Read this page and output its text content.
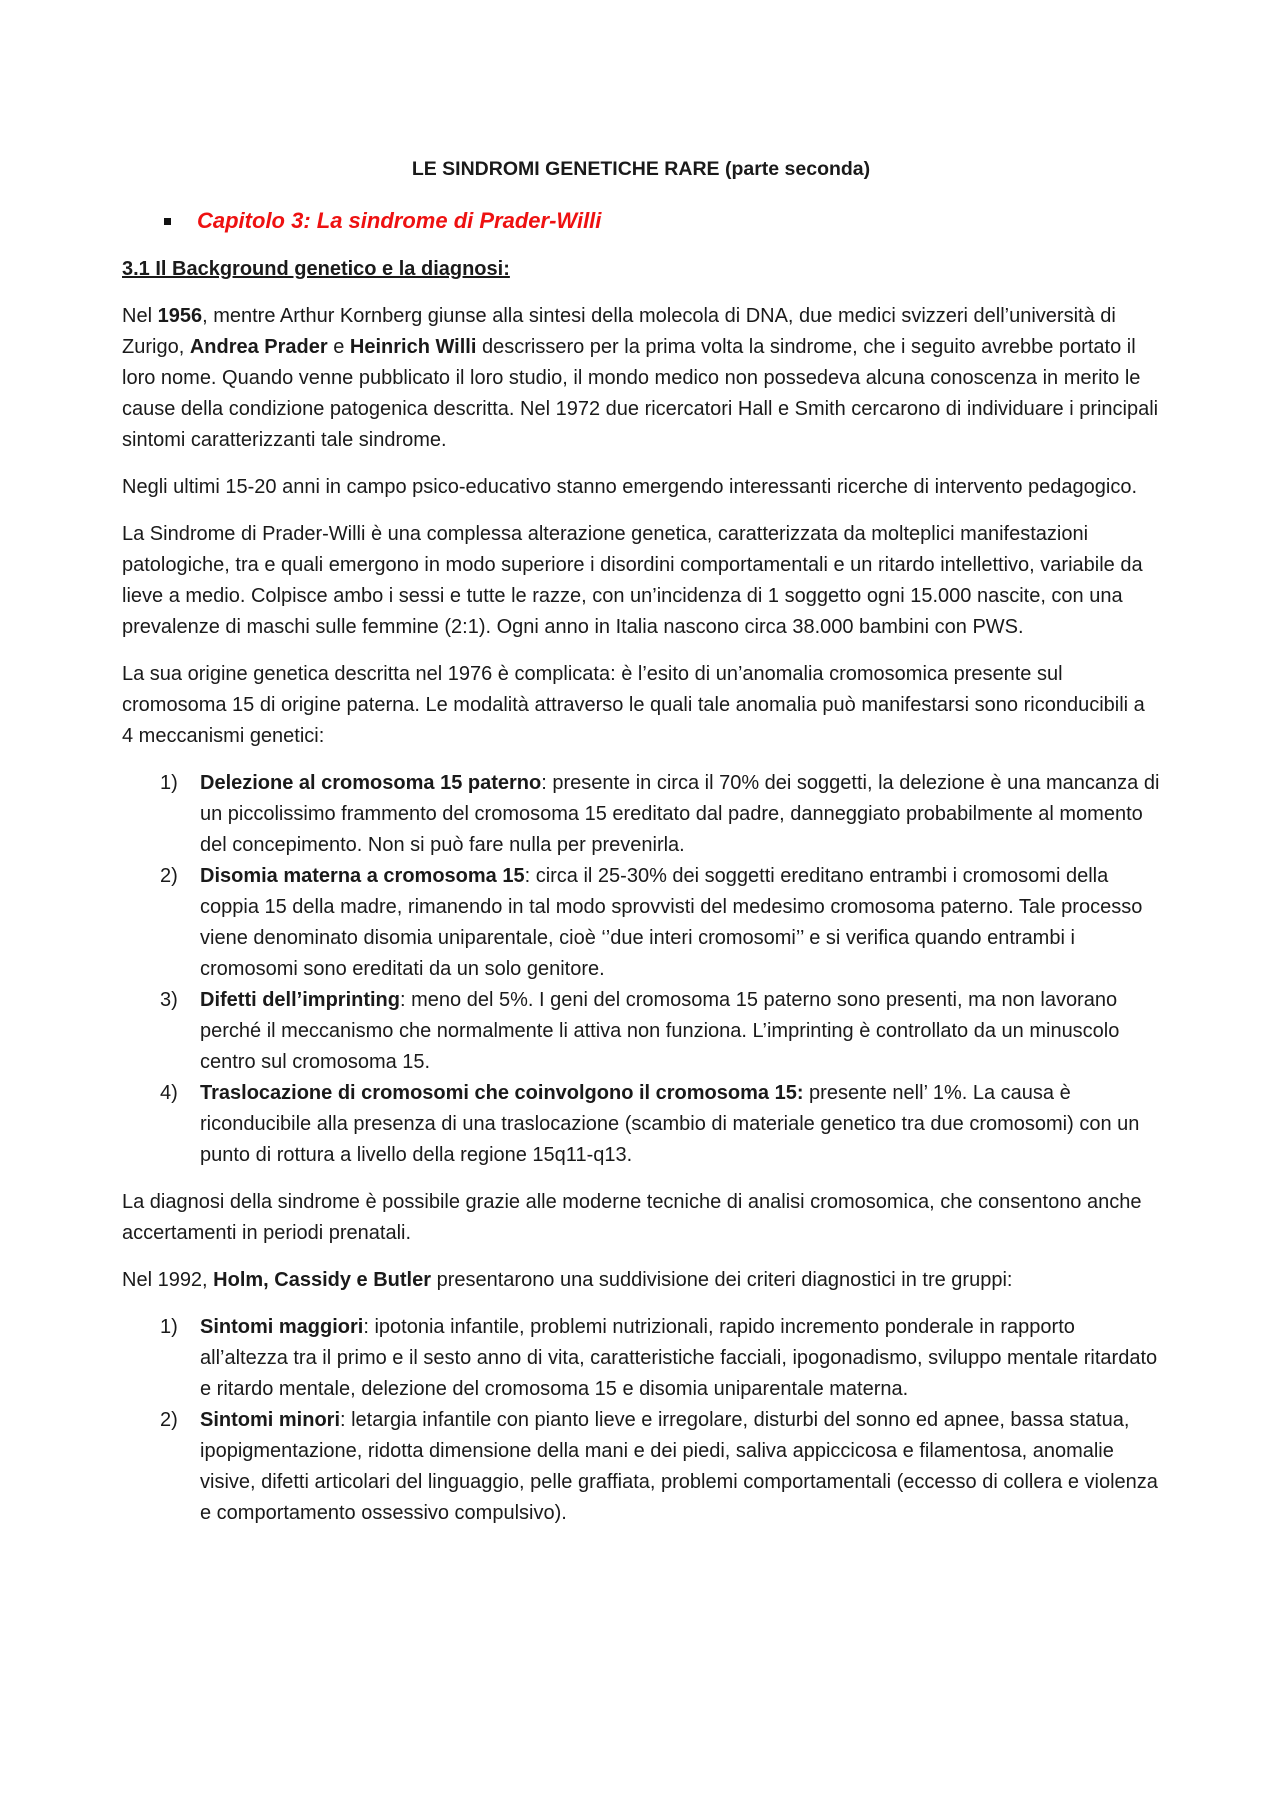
LE SINDROMI GENETICHE RARE (parte seconda)
Capitolo 3: La sindrome di Prader-Willi
3.1 Il Background genetico e la diagnosi:

Nel 1956, mentre Arthur Kornberg giunse alla sintesi della molecola di DNA, due medici svizzeri dell’università di Zurigo, Andrea Prader e Heinrich Willi descrissero per la prima volta la sindrome, che i seguito avrebbe portato il loro nome. Quando venne pubblicato il loro studio, il mondo medico non possedeva alcuna conoscenza in merito le cause della condizione patogenica descritta. Nel 1972 due ricercatori Hall e Smith cercarono di individuare i principali sintomi caratterizzanti tale sindrome.

Negli ultimi 15-20 anni in campo psico-educativo stanno emergendo interessanti ricerche di intervento pedagogico.

La Sindrome di Prader-Willi è una complessa alterazione genetica, caratterizzata da molteplici manifestazioni patologiche, tra e quali emergono in modo superiore i disordini comportamentali e un ritardo intellettivo, variabile da lieve a medio. Colpisce ambo i sessi e tutte le razze, con un’incidenza di 1 soggetto ogni 15.000 nascite, con una prevalenze di maschi sulle femmine (2:1). Ogni anno in Italia nascono circa 38.000 bambini con PWS.

La sua origine genetica descritta nel 1976 è complicata: è l’esito di un’anomalia cromosomica presente sul cromosoma 15 di origine paterna. Le modalità attraverso le quali tale anomalia può manifestarsi sono riconducibili a 4 meccanismi genetici:

1) Delezione al cromosoma 15 paterno: presente in circa il 70% dei soggetti, la delezione è una mancanza di un piccolissimo frammento del cromosoma 15 ereditato dal padre, danneggiato probabilmente al momento del concepimento. Non si può fare nulla per prevenirla.
2) Disomia materna a cromosoma 15: circa il 25-30% dei soggetti ereditano entrambi i cromosomi della coppia 15 della madre, rimanendo in tal modo sprovvisti del medesimo cromosoma paterno. Tale processo viene denominato disomia uniparentale, cioè ‘’due interi cromosomi’’ e si verifica quando entrambi i cromosomi sono ereditati da un solo genitore.
3) Difetti dell’imprinting: meno del 5%. I geni del cromosoma 15 paterno sono presenti, ma non lavorano perché il meccanismo che normalmente li attiva non funziona. L’imprinting è controllato da un minuscolo centro sul cromosoma 15.
4) Traslocazione di cromosomi che coinvolgono il cromosoma 15: presente nell’ 1%. La causa è riconducibile alla presenza di una traslocazione (scambio di materiale genetico tra due cromosomi) con un punto di rottura a livello della regione 15q11-q13.

La diagnosi della sindrome è possibile grazie alle moderne tecniche di analisi cromosomica, che consentono anche accertamenti in periodi prenatali.

Nel 1992, Holm, Cassidy e Butler presentarono una suddivisione dei criteri diagnostici in tre gruppi:

1) Sintomi maggiori: ipotonia infantile, problemi nutrizionali, rapido incremento ponderale in rapporto all’altezza tra il primo e il sesto anno di vita, caratteristiche facciali, ipogonadismo, sviluppo mentale ritardato e ritardo mentale, delezione del cromosoma 15 e disomia uniparentale materna.
2) Sintomi minori: letargia infantile con pianto lieve e irregolare, disturbi del sonno ed apnee, bassa statua, ipopigmentazione, ridotta dimensione della mani e dei piedi, saliva appiccicosa e filamentosa, anomalie visive, difetti articolari del linguaggio, pelle graffiata, problemi comportamentali (eccesso di collera e violenza e comportamento ossessivo compulsivo).
